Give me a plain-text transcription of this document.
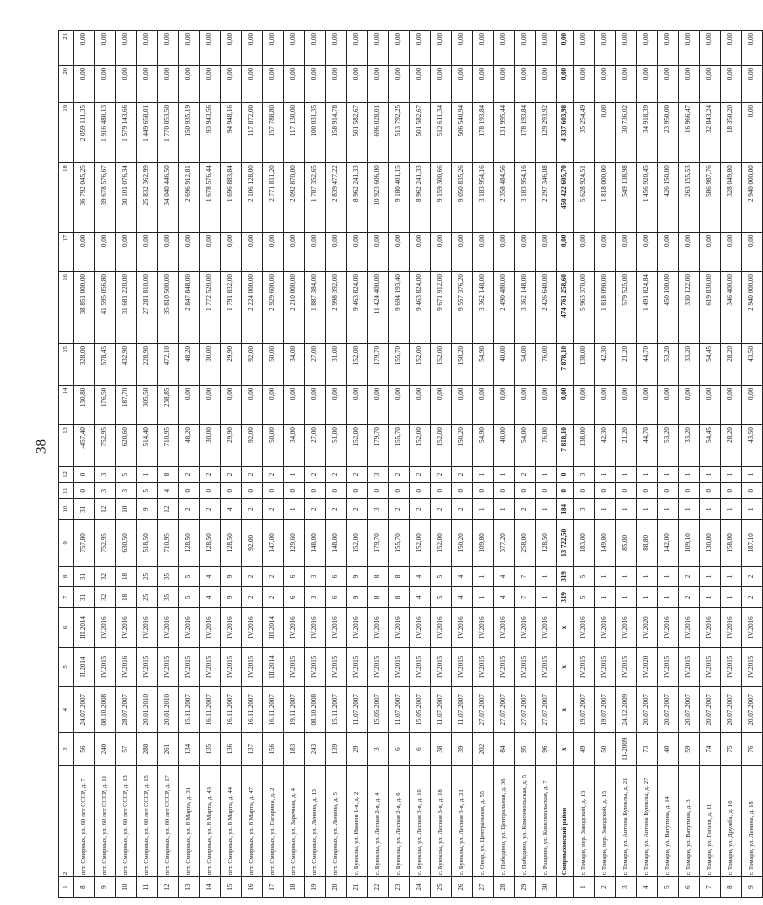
38
1	2	3	4	5	6	7	8	9	10	11	12	13	14	15	16	17	18	19	20	21
8	пгт. Смирных, ул. 60 лет СССР, д. 7	56	24.07.2007	II.2014	III.2014	31	31	757,80	31	0	0	-457,40	130,80	328,00	38 851 000,00	0,00	36 792 045,25	2 059 111,35	0,00	0,00
9	пгт. Смирных, ул. 60 лет СССР, д. 11	240	08.10.2008	IV.2015	IV.2016	32	32	752,95	12	3	3	752,95	176,50	578,45	41 595 056,80	0,00	39 678 576,67	1 916 480,13	0,00	0,00
10	пгт. Смирных, ул. 60 лет СССР, д. 13	57	28.07.2007	IV.2016	IV.2016	18	18	630,50	10	3	5	620,60	187,70	432,90	31 681 220,00	0,00	30 101 076,34	1 579 143,66	0,00	0,00
11	пгт. Смирных, ул. 60 лет СССР, д. 15	280	20.01.2010	IV.2015	IV.2016	25	25	518,50	9	5	1	514,40	305,50	228,90	27 281 810,00	0,00	25 832 362,99	1 449 658,01	0,00	0,00
12	пгт. Смирных, ул. 60 лет СССР, д. 17	261	20.01.2010	IV.2015	IV.2016	35	35	710,95	12	4	8	710,95	238,85	472,10	35 810 500,00	0,00	34 040 446,50	1 770 053,50	0,00	0,00
13	пгт. Смирных, ул. 8 Марта, д. 31	134	15.11.2007	IV.2015	IV.2016	5	5	128,50	2	0	2	48,20	0,00	48,20	2 847 848,00	0,00	2 696 912,81	150 935,19	0,00	0,00
14	пгт. Смирных, ул. 8 Марта, д. 43	135	16.11.2007	IV.2015	IV.2016	4	4	128,50	2	0	2	30,00	0,00	30,00	1 772 520,00	0,00	1 678 576,44	93 943,56	0,00	0,00
15	пгт. Смирных, ул. 8 Марта, д. 44	136	16.11.2007	IV.2015	IV.2016	9	9	128,50	4	0	2	29,90	0,00	29,90	1 791 832,00	0,00	1 696 883,84	94 948,16	0,00	0,00
16	пгт. Смирных, ул. 8 Марта, д. 47	137	16.11.2007	IV.2015	IV.2016	2	2	92,00	2	0	2	92,00	0,00	92,00	2 224 000,00	0,00	2 106 128,00	117 872,00	0,00	0,00
17	пгт. Смирных, ул. Гагарина, д. 2	156	16.11.2007	III.2014	III.2014	2	2	147,00	2	0	2	50,00	0,00	50,00	2 929 600,00	0,00	2 771 811,20	157 788,80	0,00	0,00
18	пгт. Смирных, ул. Заречная, д. 4	183	19.11.2007	IV.2015	IV.2016	6	6	129,60	1	0	1	34,00	0,00	34,00	2 210 000,00	0,00	2 092 870,00	117 130,00	0,00	0,00
19	пгт. Смирных, ул. Ленина, д. 13	243	08.10.2008	IV.2015	IV.2016	3	3	148,00	2	0	2	27,00	0,00	27,00	1 887 384,00	0,00	1 787 352,65	100 031,35	0,00	0,00
20	пгт. Смирных, ул. Ленина, д. 5	139	15.11.2007	IV.2015	IV.2016	6	6	148,00	2	0	2	51,00	0,00	31,00	2 998 392,00	0,00	2 839 477,22	158 914,78	0,00	0,00
21	с. Буюклы, ул. Иванов 1-я, д. 2	29	11.07.2007	IV.2015	IV.2016	9	9	152,00	2	0	2	152,00	0,00	152,00	9 463 824,00	0,00	8 962 241,33	501 582,67	0,00	0,00
22	с. Буюклы, ул. Лесная 2-я, д. 4	3	15.05.2007	IV.2015	IV.2016	8	8	179,70	3	0	3	179,70	0,00	179,70	11 424 400,00	0,00	10 923 606,00	696 028,01	0,00	0,00
23	с. Буюклы, ул. Лесная 2-я, д. 6	6	11.07.2007	IV.2015	IV.2016	8	8	155,70	2	0	2	155,70	0,00	155,70	9 694 193,40	0,00	9 180 401,15	513 792,25	0,00	0,00
24	с. Буюклы, ул. Лесная 3-я, д. 16	6	15.05.2007	IV.2015	IV.2016	4	4	152,00	2	0	2	152,00	0,00	152,00	9 463 824,00	0,00	8 962 241,33	501 582,67	0,00	0,00
25	с. Буюклы, ул. Лесная 3-я, д. 18	38	11.07.2007	IV.2015	IV.2016	5	5	152,00	2	0	2	152,00	0,00	152,00	9 671 912,00	0,00	9 159 300,66	512 611,34	0,00	0,00
26	с. Буюклы, ул. Лесная 3-я, д. 21	39	11.07.2007	IV.2015	IV.2016	4	4	150,20	2	0	2	150,20	0,00	150,20	9 557 376,20	0,00	9 050 835,26	506 540,94	0,00	0,00
27	с. Онор, ул. Центральная, д. 55	202	27.07.2007	IV.2015	IV.2016	1	1	109,80	1	0	1	54,90	0,00	54,90	3 362 148,00	0,00	3 183 954,16	178 193,84	0,00	0,00
28	с. Победино, ул. Центральная, д. 36	84	27.07.2007	IV.2015	IV.2016	4	4	377,20	1	0	1	40,00	0,00	40,00	2 490 480,00	0,00	2 358 484,56	131 995,44	0,00	0,00
29	с. Победино, ул. Комсомольская, д. 5	95	27.07.2007	IV.2015	IV.2016	7	7	258,00	2	0	2	54,00	0,00	54,00	3 362 148,00	0,00	3 183 954,16	178 193,84	0,00	0,00
30	с. Рощино, ул. Комсомольская, д. 7	96	27.07.2007	IV.2015	IV.2016	1	1	128,50	1	0	1	76,00	0,00	76,00	2 426 640,00	0,00	2 297 346,08	129 293,92	0,00	0,00
	Смирныховский район	x	x	x	x	319	319	13 722,50	184	0	0	7 818,10	0,00	7 878,10	474 761 258,60	0,00	450 422 605,70	4 337 603,98	0,00	0,00
1	г. Томари, пер. Заводской, д. 13	49	19.07.2007	IV.2015	IV.2016	5	5	183,00	3	0	3	138,00	0,00	138,00	5 963 370,00	0,00	5 628 924,51	35 254,49	0,00	0,00
2	г. Томари, пер. Заводской, д. 15	50	19.07.2007	IV.2015	IV.2016	1	1	149,80	1	0	1	42,30	0,00	42,30	1 818 090,00	0,00	1 818 000,00	0,00	0,00	0,00
3	г. Томари, ул. Антона Буюклы, д. 21	11-2009	24.12.2009	IV.2015	IV.2016	1	1	85,00	1	0	1	21,20	0,00	21,20	579 525,00	0,00	549 138,98	30 736,02	0,00	0,00
4	г. Томари, ул. Антона Буюклы, д. 27	73	20.07.2007	IV.2020	IV.2020	1	1	88,80	1	0	1	44,70	0,00	44,70	1 491 824,84	0,00	1 456 920,45	34 918,39	0,00	0,00
5	г. Томари, ул. Ватутина, д. 14	40	20.07.2007	IV.2015	IV.2016	1	1	142,00	1	0	1	53,20	0,00	53,20	450 100,00	0,00	426 150,00	23 950,00	0,00	0,00
6	г. Томари, ул. Ватутина, д. 3	59	20.07.2007	IV.2015	IV.2016	2	2	109,10	1	0	1	33,20	0,00	33,20	330 122,00	0,00	263 155,53	16 966,47	0,00	0,00
7	г. Томари, ул. Гоголя, д. 11	74	20.07.2007	IV.2015	IV.2016	1	1	130,00	1	0	1	54,45	0,00	54,45	619 830,00	0,00	586 987,76	32 843,24	0,00	0,00
8	г. Томари, ул. Дружба, д. 16	75	20.07.2007	IV.2015	IV.2016	1	1	158,00	1	0	1	28,20	0,00	28,20	346 400,00	0,00	328 049,80	18 350,20	0,00	0,00
9	г. Томари, ул. Ленина, д. 18	76	20.07.2007	IV.2015	IV.2016	2	2	187,10	1	0	1	43,50	0,00	43,50	2 940 000,00	0,00	2 940 000,00	0,00	0,00	0,00
